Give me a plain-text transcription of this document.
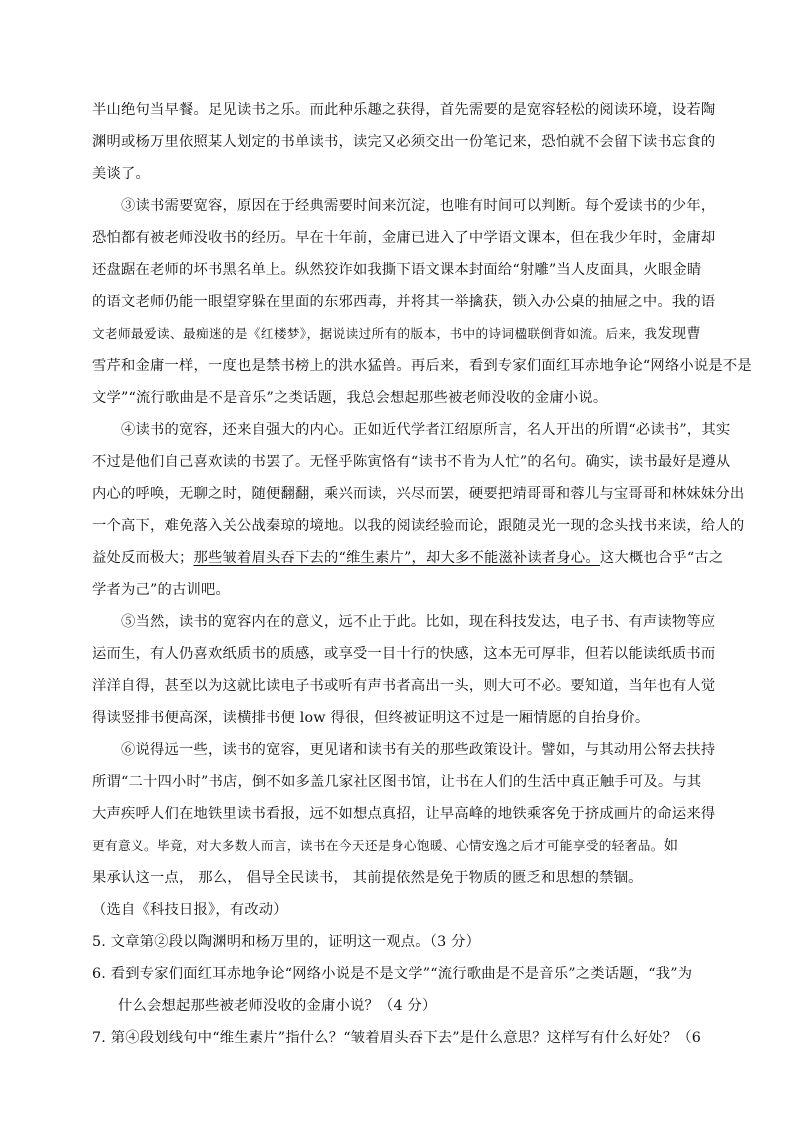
半山绝句当早餐。足见读书之乐。而此种乐趣之获得，首先需要的是宽容轻松的阅读环境，设若陶
渊明或杨万里依照某人划定的书单读书，读完又必须交出一份笔记来，恐怕就不会留下读书忘食的
美谈了。
③读书需要宽容，原因在于经典需要时间来沉淀，也唯有时间可以判断。每个爱读书的少年，
恐怕都有被老师没收书的经历。早在十年前，金庸已进入了中学语文课本，但在我少年时，金庸却
还盘踞在老师的坏书黑名单上。纵然狡诈如我撕下语文课本封面给“射雕”当人皮面具，火眼金睛
的语文老师仍能一眼望穿躲在里面的东邪西毒，并将其一举擒获，锁入办公桌的抽屉之中。我的语
文老师最爱读、最痴迷的是《红楼梦》，据说读过所有的版本，书中的诗词楹联倒背如流。后来，我发现曹
雪芹和金庸一样，一度也是禁书榜上的洪水猛兽。再后来，看到专家们面红耳赤地争论“网络小说是不是
文学”“流行歌曲是不是音乐”之类话题，我总会想起那些被老师没收的金庸小说。
④读书的宽容，还来自强大的内心。正如近代学者江绍原所言，名人开出的所谓“必读书”，其实
不过是他们自己喜欢读的书罢了。无怪乎陈寅恪有“读书不肯为人忙”的名句。确实，读书最好是遵从
内心的呼唤，无聊之时，随便翻翻，乘兴而读，兴尽而罢，硬要把靖哥哥和蓉儿与宝哥哥和林妹妹分出
一个高下，难免落入关公战秦琼的境地。以我的阅读经验而论，跟随灵光一现的念头找书来读，给人的
益处反而极大；那些皱着眉头吞下去的“维生素片”，却大多不能滋补读者身心。这大概也合乎“古之
学者为己”的古训吧。
⑤当然，读书的宽容内在的意义，远不止于此。比如，现在科技发达，电子书、有声读物等应
运而生，有人仍喜欢纸质书的质感，或享受一目十行的快感，这本无可厚非，但若以能读纸质书而
洋洋自得，甚至以为这就比读电子书或听有声书者高出一头，则大可不必。要知道，当年也有人觉
得读竖排书便高深，读横排书便 low 得很，但终被证明这不过是一厢情愿的自抬身价。
⑥说得远一些，读书的宽容，更见诸和读书有关的那些政策设计。譬如，与其动用公帑去扶持
所谓“二十四小时”书店，倒不如多盖几家社区图书馆，让书在人们的生活中真正触手可及。与其
大声疾呼人们在地铁里读书看报，远不如想点真招，让早高峰的地铁乘客免于挤成画片的命运来得
更有意义。毕竟，对大多数人而言，读书在今天还是身心饱暖、心情安逸之后才可能享受的轻奢品。如
果承认这一点， 那么， 倡导全民读书， 其前提依然是免于物质的匮乏和思想的禁锢。
（选自《科技日报》，有改动）
5. 文章第②段以陶渊明和杨万里的，证明这一观点。（3 分）
6. 看到专家们面红耳赤地争论“网络小说是不是文学”“流行歌曲是不是音乐”之类话题，“我”为
什么会想起那些被老师没收的金庸小说？（4 分）
7. 第④段划线句中“维生素片”指什么？“皱着眉头吞下去”是什么意思？这样写有什么好处？（6
